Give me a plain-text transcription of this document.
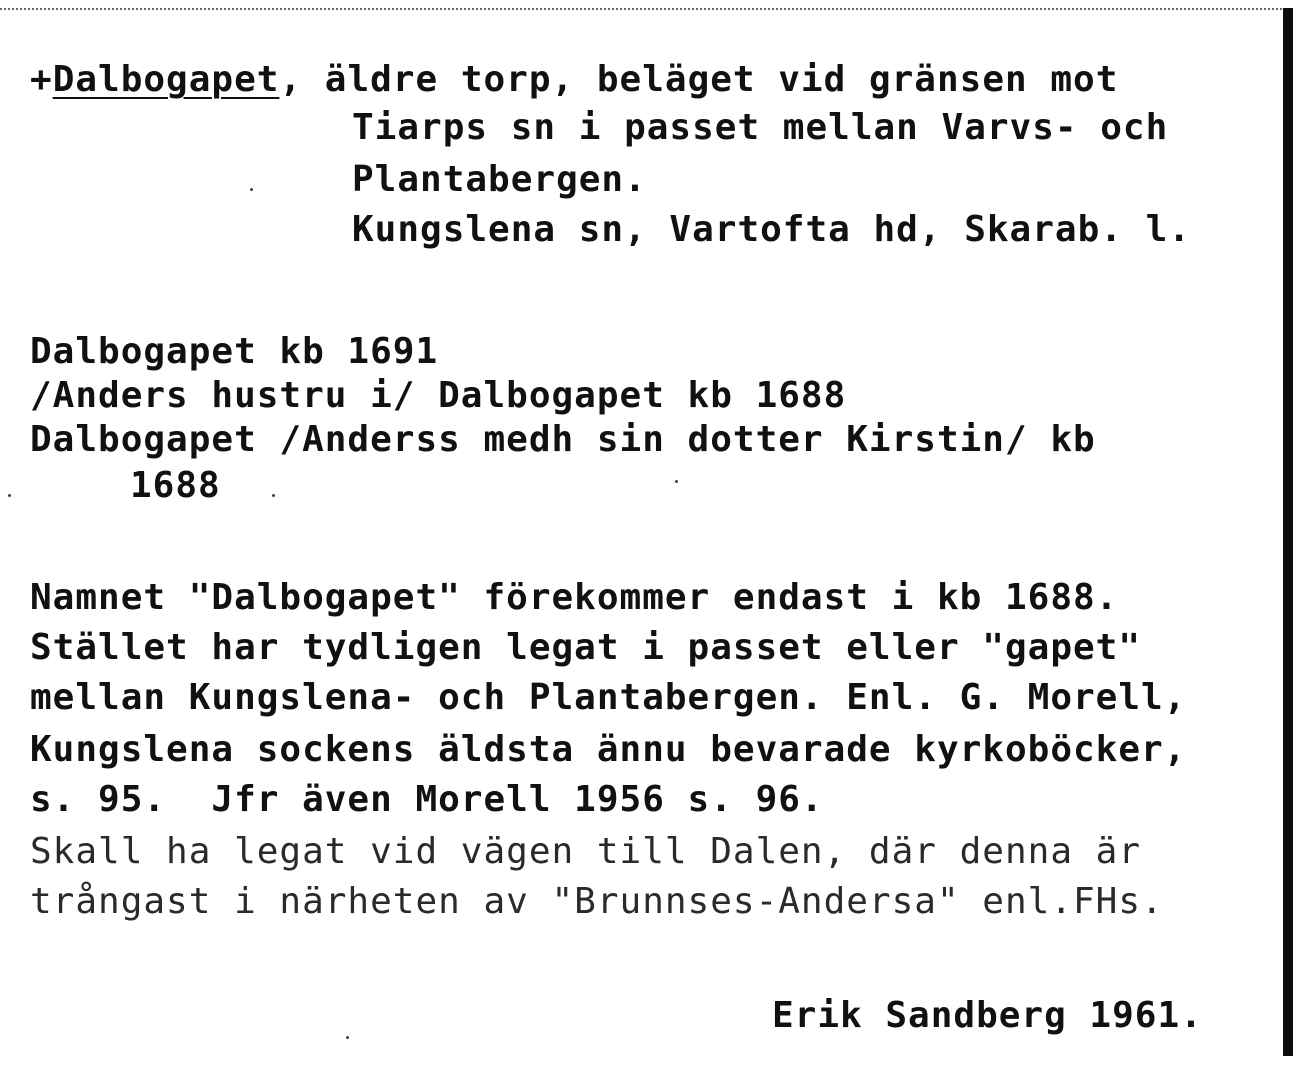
+Dalbogapet, äldre torp, beläget vid gränsen mot
Tiarps sn i passet mellan Varvs- och
Plantabergen.
Kungslena sn, Vartofta hd, Skarab. l.
Dalbogapet kb 1691
/Anders hustru i/ Dalbogapet kb 1688
Dalbogapet /Anderss medh sin dotter Kirstin/ kb
1688
Namnet "Dalbogapet" förekommer endast i kb 1688.
Stället har tydligen legat i passet eller "gapet"
mellan Kungslena- och Plantabergen. Enl. G. Morell,
Kungslena sockens äldsta ännu bevarade kyrkoböcker,
s. 95.  Jfr även Morell 1956 s. 96.
Skall ha legat vid vägen till Dalen, där denna är
trångast i närheten av "Brunnses-Andersa" enl.FHs.
Erik Sandberg 1961.
